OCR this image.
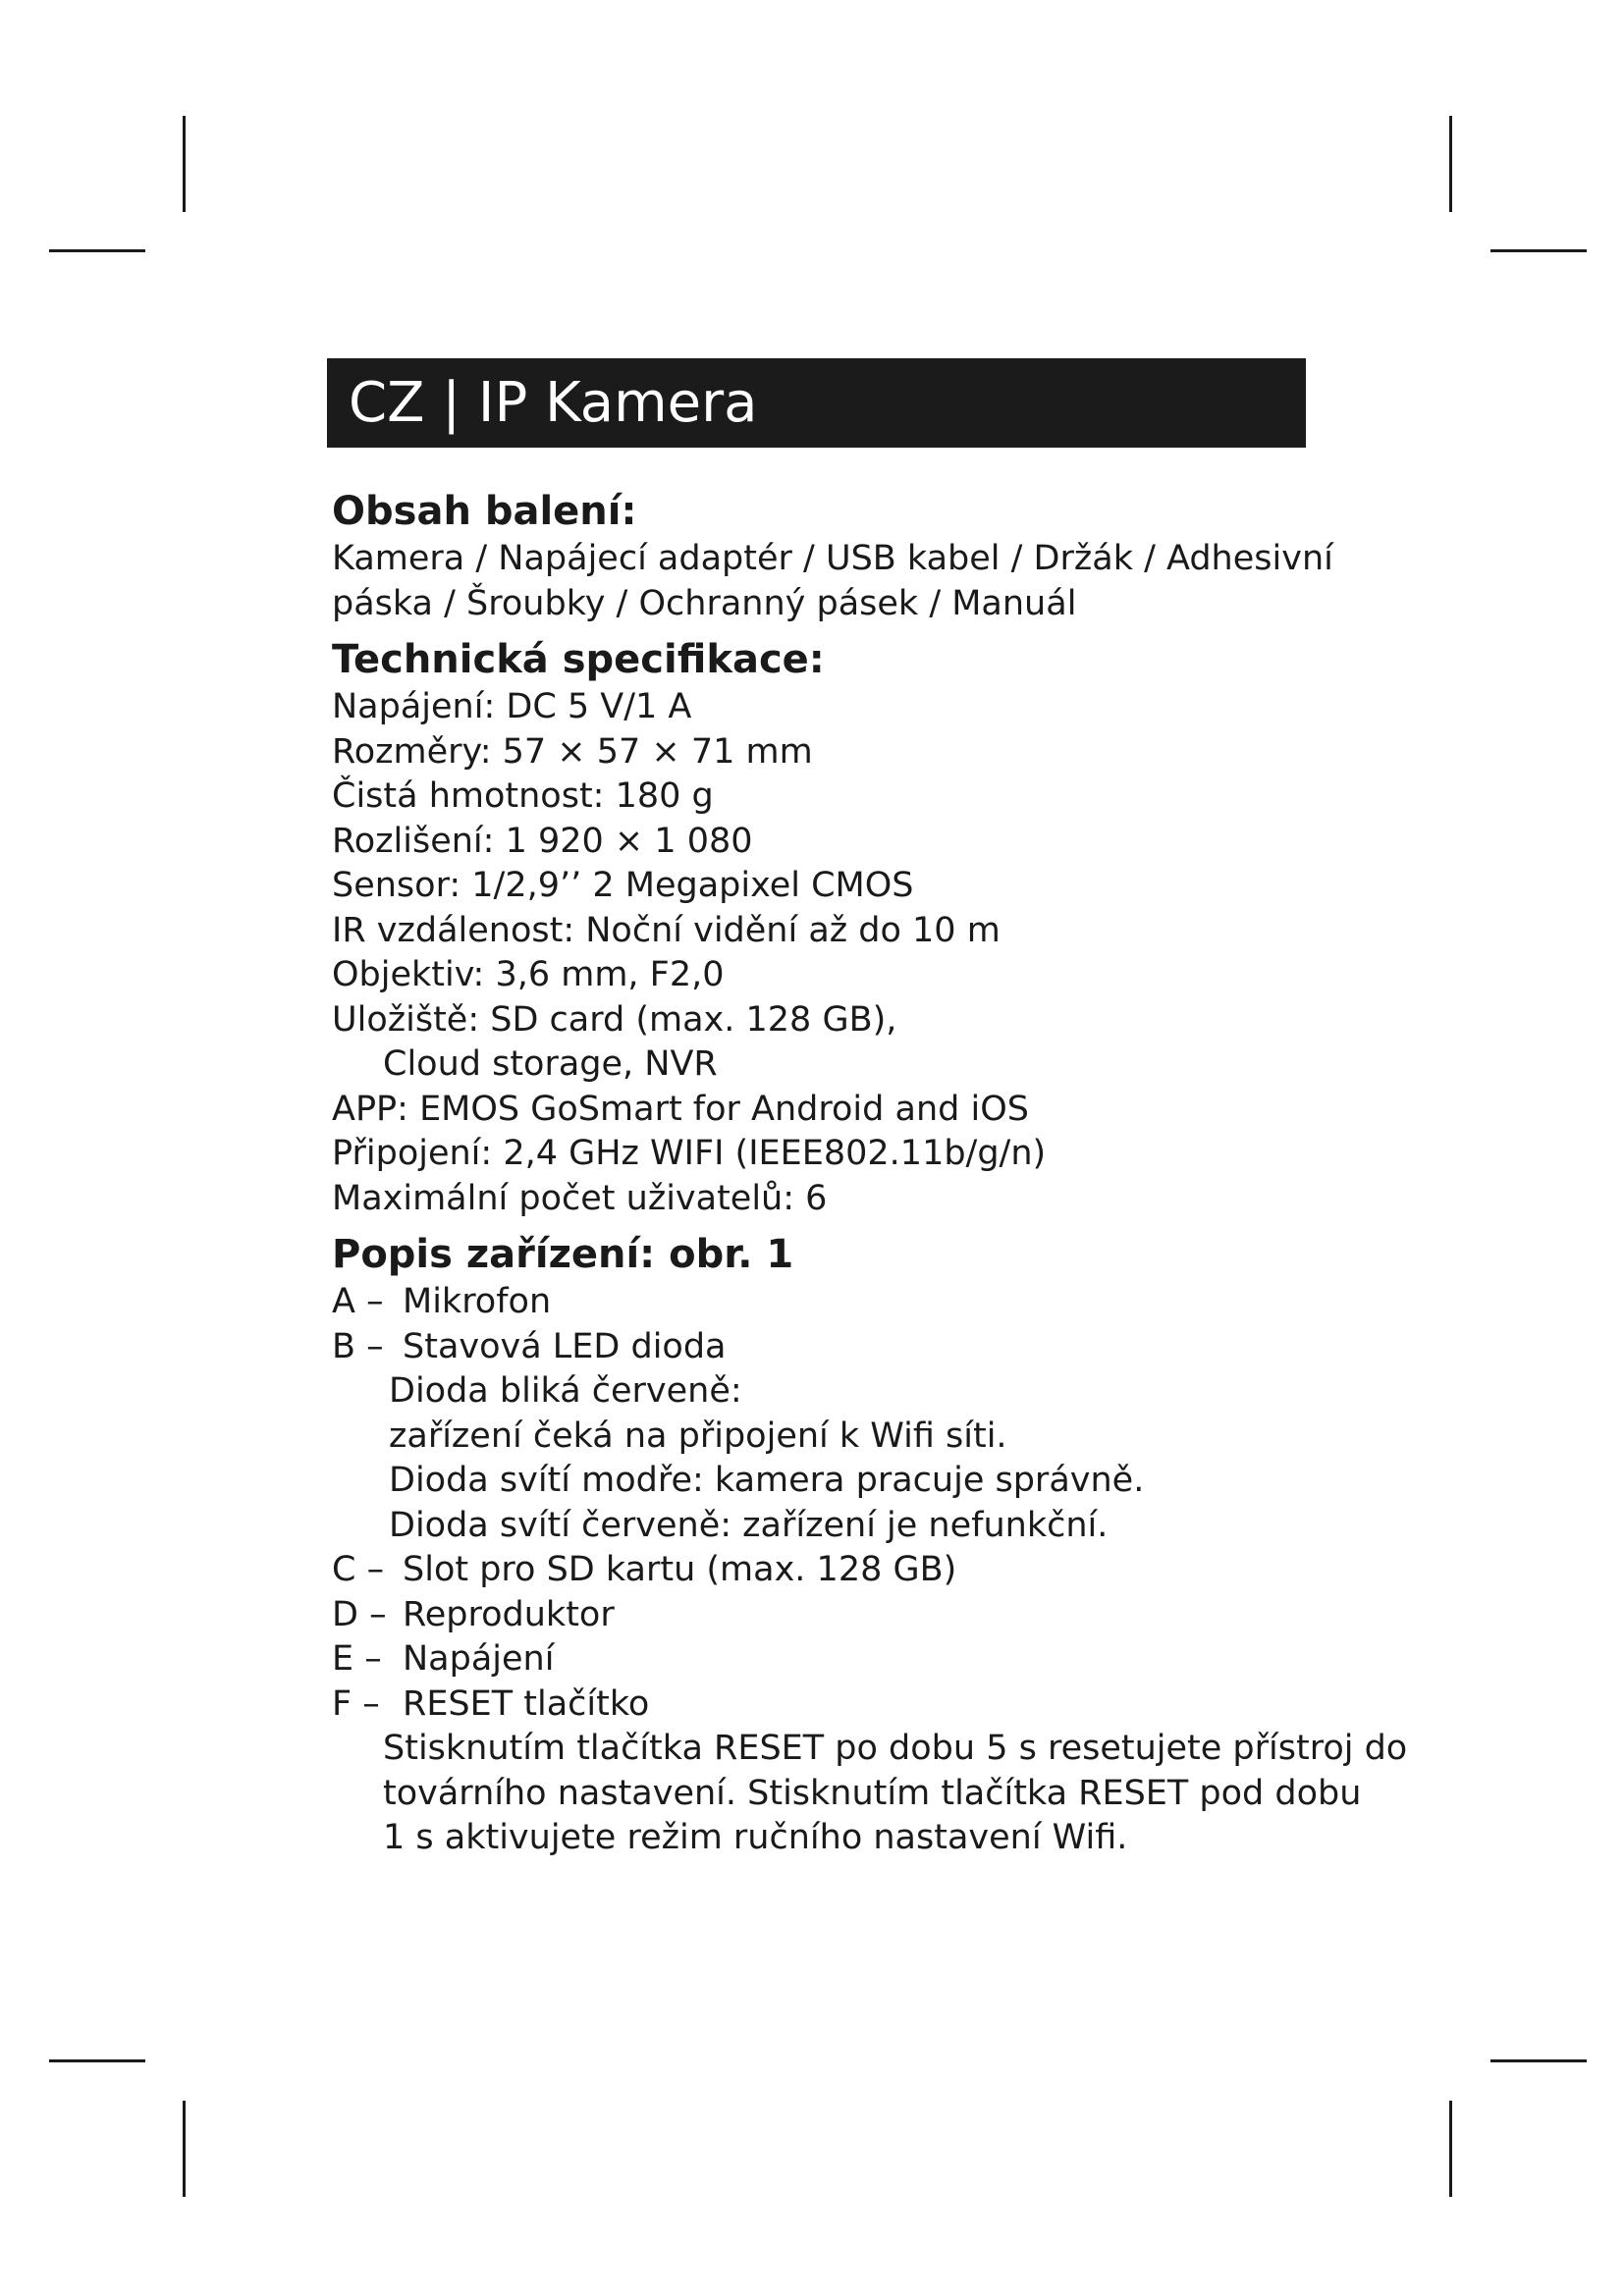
CZ | IP Kamera

Obsah balení:

Kamera / Napájecí adaptér / USB kabel / Držák / Adhesivní

páska / Šroubky / Ochranný pásek / Manuál

Technická specifikace:

Napájení: DC 5 V/1 A

Rozměry: 57 × 57 × 71 mm

Čistá hmotnost: 180 g

Rozlišení: 1 920 × 1 080

Sensor: 1/2,9’’ 2 Megapixel CMOS

IR vzdálenost: Noční vidění až do 10 m

Objektiv: 3,6 mm, F2,0

Uložiště: SD card (max. 128 GB),

Cloud storage, NVR

APP: EMOS GoSmart for Android and iOS

Připojení: 2,4 GHz WIFI (IEEE802.11b/g/n)

Maximální počet uživatelů: 6

Popis zařízení: obr. 1

A – Mikrofon
B – Stavová LED dioda

Dioda bliká červeně:

zařízení čeká na připojení k Wifi síti.

Dioda svítí modře: kamera pracuje správně.

Dioda svítí červeně: zařízení je nefunkční.

C – Slot pro SD kartu (max. 128 GB)
D – Reproduktor
E – Napájení
F – RESET tlačítko

Stisknutím tlačítka RESET po dobu 5 s resetujete přístroj do

továrního nastavení. Stisknutím tlačítka RESET pod dobu

1 s aktivujete režim ručního nastavení Wifi.
